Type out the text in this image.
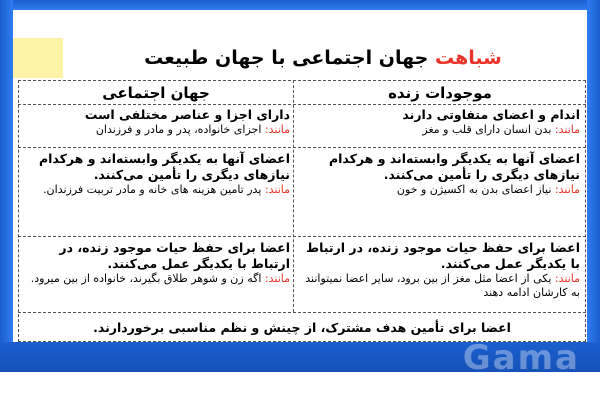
شباهت
جهان اجتماعی با جهان طبیعت
موجودات زنده
جهان اجتماعی
اندام و اعضای متفاوتی دارند
مانند: بدن انسان دارای قلب و مغز
دارای اجزا و عناصر مختلفی است
مانند: اجزای خانواده، پدر و مادر و فرزندان
اعضای آنها به یکدیگر وابسته‌اند و هرکدام نیازهای دیگری را تأمین می‌کنند.
مانند: نیاز اعضای بدن به اکسیژن و خون
اعضای آنها به یکدیگر وابسته‌اند و هرکدام نیازهای دیگری را تأمین می‌کنند.
مانند: پدر تامین هزینه های خانه و مادر تربیت فرزندان.
اعضا برای حفظ حیات موجود زنده، در ارتباط با یکدیگر عمل می‌کنند.
مانند: یکی از اعضا مثل مغز از بین برود، سایر اعضا نمیتوانند به کارشان ادامه دهند
اعضا برای حفظ حیات موجود زنده، در ارتباط با یکدیگر عمل می‌کنند.
مانند: اگه زن و شوهر طلاق بگیرند، خانواده از بین میرود.
اعضا برای تأمین هدف مشترک، از چینش و نظم مناسبی برخوردارند.
Gama
